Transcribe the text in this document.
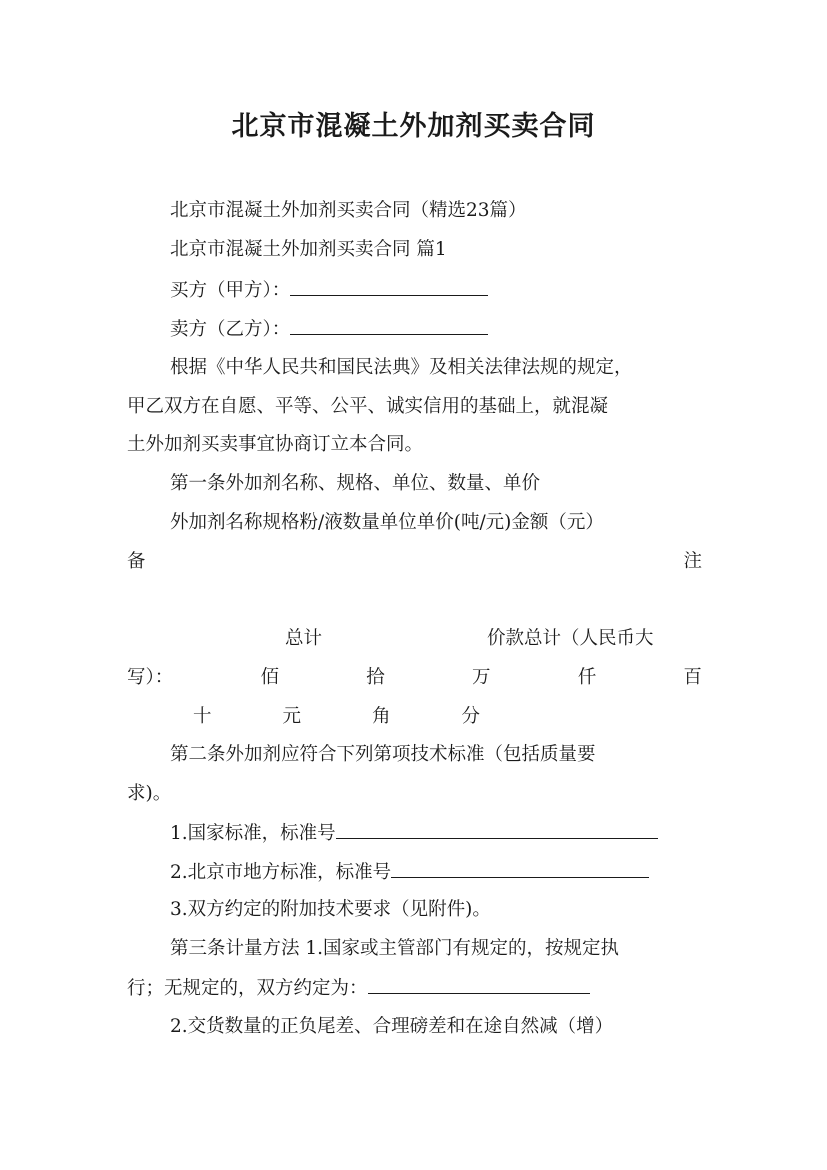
北京市混凝土外加剂买卖合同

北京市混凝土外加剂买卖合同（精选23篇）

北京市混凝土外加剂买卖合同 篇1

买方（甲方）：

卖方（乙方）：

根据《中华人民共和国民法典》及相关法律法规的规定，

甲乙双方在自愿、平等、公平、诚实信用的基础上，就混凝

土外加剂买卖事宜协商订立本合同。

第一条外加剂名称、规格、单位、数量、单价

外加剂名称规格粉/液数量单位单价(吨/元)金额（元）

备	注

总计	价款总计（人民币大

写）：	佰	拾	万	仟	百
十	元	角	分

第二条外加剂应符合下列第项技术标准（包括质量要

求)。

1.国家标准，标准号

2.北京市地方标准，标准号

3.双方约定的附加技术要求（见附件)。

第三条计量方法 1.国家或主管部门有规定的，按规定执

行；无规定的，双方约定为：

2.交货数量的正负尾差、合理磅差和在途自然减（增）
